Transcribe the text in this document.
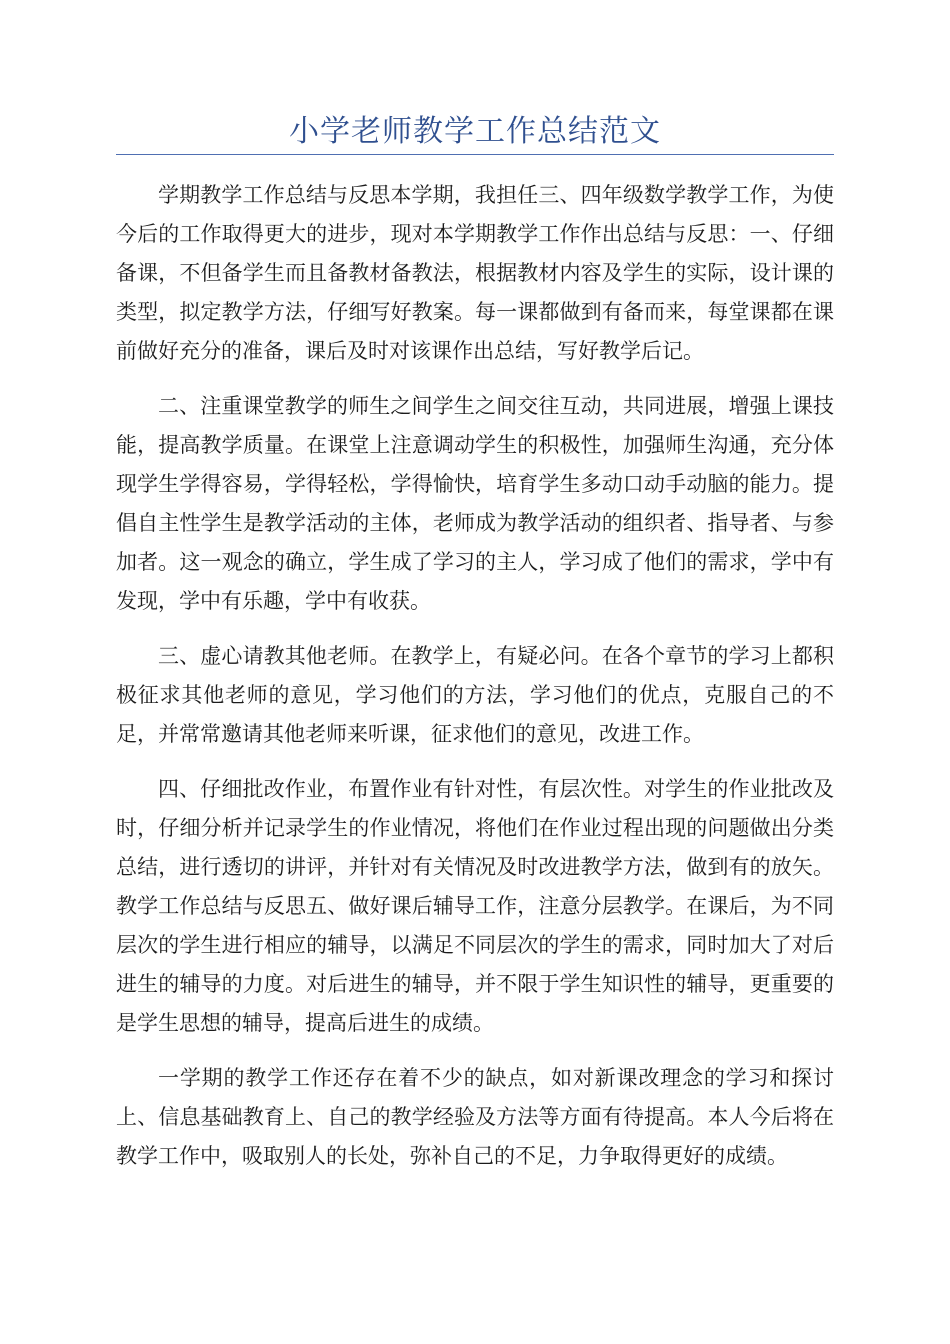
小学老师教学工作总结范文

学期教学工作总结与反思本学期，我担任三、四年级数学教学工作，为使今后的工作取得更大的进步，现对本学期教学工作作出总结与反思：一、仔细备课，不但备学生而且备教材备教法，根据教材内容及学生的实际，设计课的类型，拟定教学方法，仔细写好教案。每一课都做到有备而来，每堂课都在课前做好充分的准备，课后及时对该课作出总结，写好教学后记。

二、注重课堂教学的师生之间学生之间交往互动，共同进展，增强上课技能，提高教学质量。在课堂上注意调动学生的积极性，加强师生沟通，充分体现学生学得容易，学得轻松，学得愉快，培育学生多动口动手动脑的能力。提倡自主性学生是教学活动的主体，老师成为教学活动的组织者、指导者、与参加者。这一观念的确立，学生成了学习的主人，学习成了他们的需求，学中有发现，学中有乐趣，学中有收获。

三、虚心请教其他老师。在教学上，有疑必问。在各个章节的学习上都积极征求其他老师的意见，学习他们的方法，学习他们的优点，克服自己的不足，并常常邀请其他老师来听课，征求他们的意见，改进工作。

四、仔细批改作业，布置作业有针对性，有层次性。对学生的作业批改及时，仔细分析并记录学生的作业情况，将他们在作业过程出现的问题做出分类总结，进行透切的讲评，并针对有关情况及时改进教学方法，做到有的放矢。教学工作总结与反思五、做好课后辅导工作，注意分层教学。在课后，为不同层次的学生进行相应的辅导，以满足不同层次的学生的需求，同时加大了对后进生的辅导的力度。对后进生的辅导，并不限于学生知识性的辅导，更重要的是学生思想的辅导，提高后进生的成绩。

一学期的教学工作还存在着不少的缺点，如对新课改理念的学习和探讨上、信息基础教育上、自己的教学经验及方法等方面有待提高。本人今后将在教学工作中，吸取别人的长处，弥补自己的不足，力争取得更好的成绩。
